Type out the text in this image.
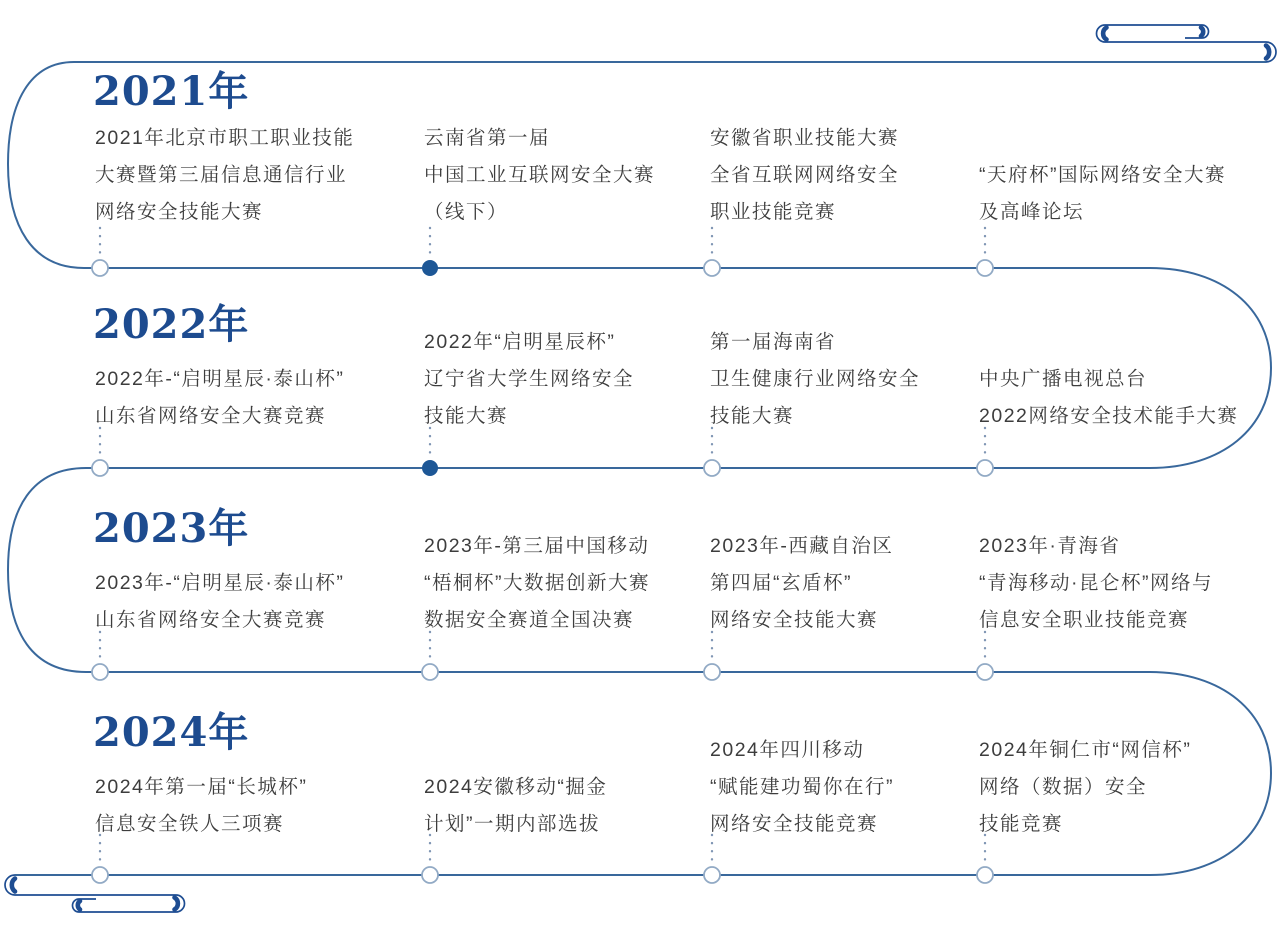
2021年
2022年
2023年
2024年
2021年北京市职工职业技能
大赛暨第三届信息通信行业
网络安全技能大赛
云南省第一届
中国工业互联网安全大赛
（线下）
安徽省职业技能大赛
全省互联网网络安全
职业技能竞赛
“天府杯”国际网络安全大赛
及高峰论坛
2022年-“启明星辰·泰山杯”
山东省网络安全大赛竞赛
2022年“启明星辰杯”
辽宁省大学生网络安全
技能大赛
第一届海南省
卫生健康行业网络安全
技能大赛
中央广播电视总台
2022网络安全技术能手大赛
2023年-“启明星辰·泰山杯”
山东省网络安全大赛竞赛
2023年-第三届中国移动
“梧桐杯”大数据创新大赛
数据安全赛道全国决赛
2023年-西藏自治区
第四届“玄盾杯”
网络安全技能大赛
2023年·青海省
“青海移动·昆仑杯”网络与
信息安全职业技能竞赛
2024年第一届“长城杯”
信息安全铁人三项赛
2024安徽移动“掘金
计划”一期内部选拔
2024年四川移动
“赋能建功蜀你在行”
网络安全技能竞赛
2024年铜仁市“网信杯”
网络（数据）安全
技能竞赛
